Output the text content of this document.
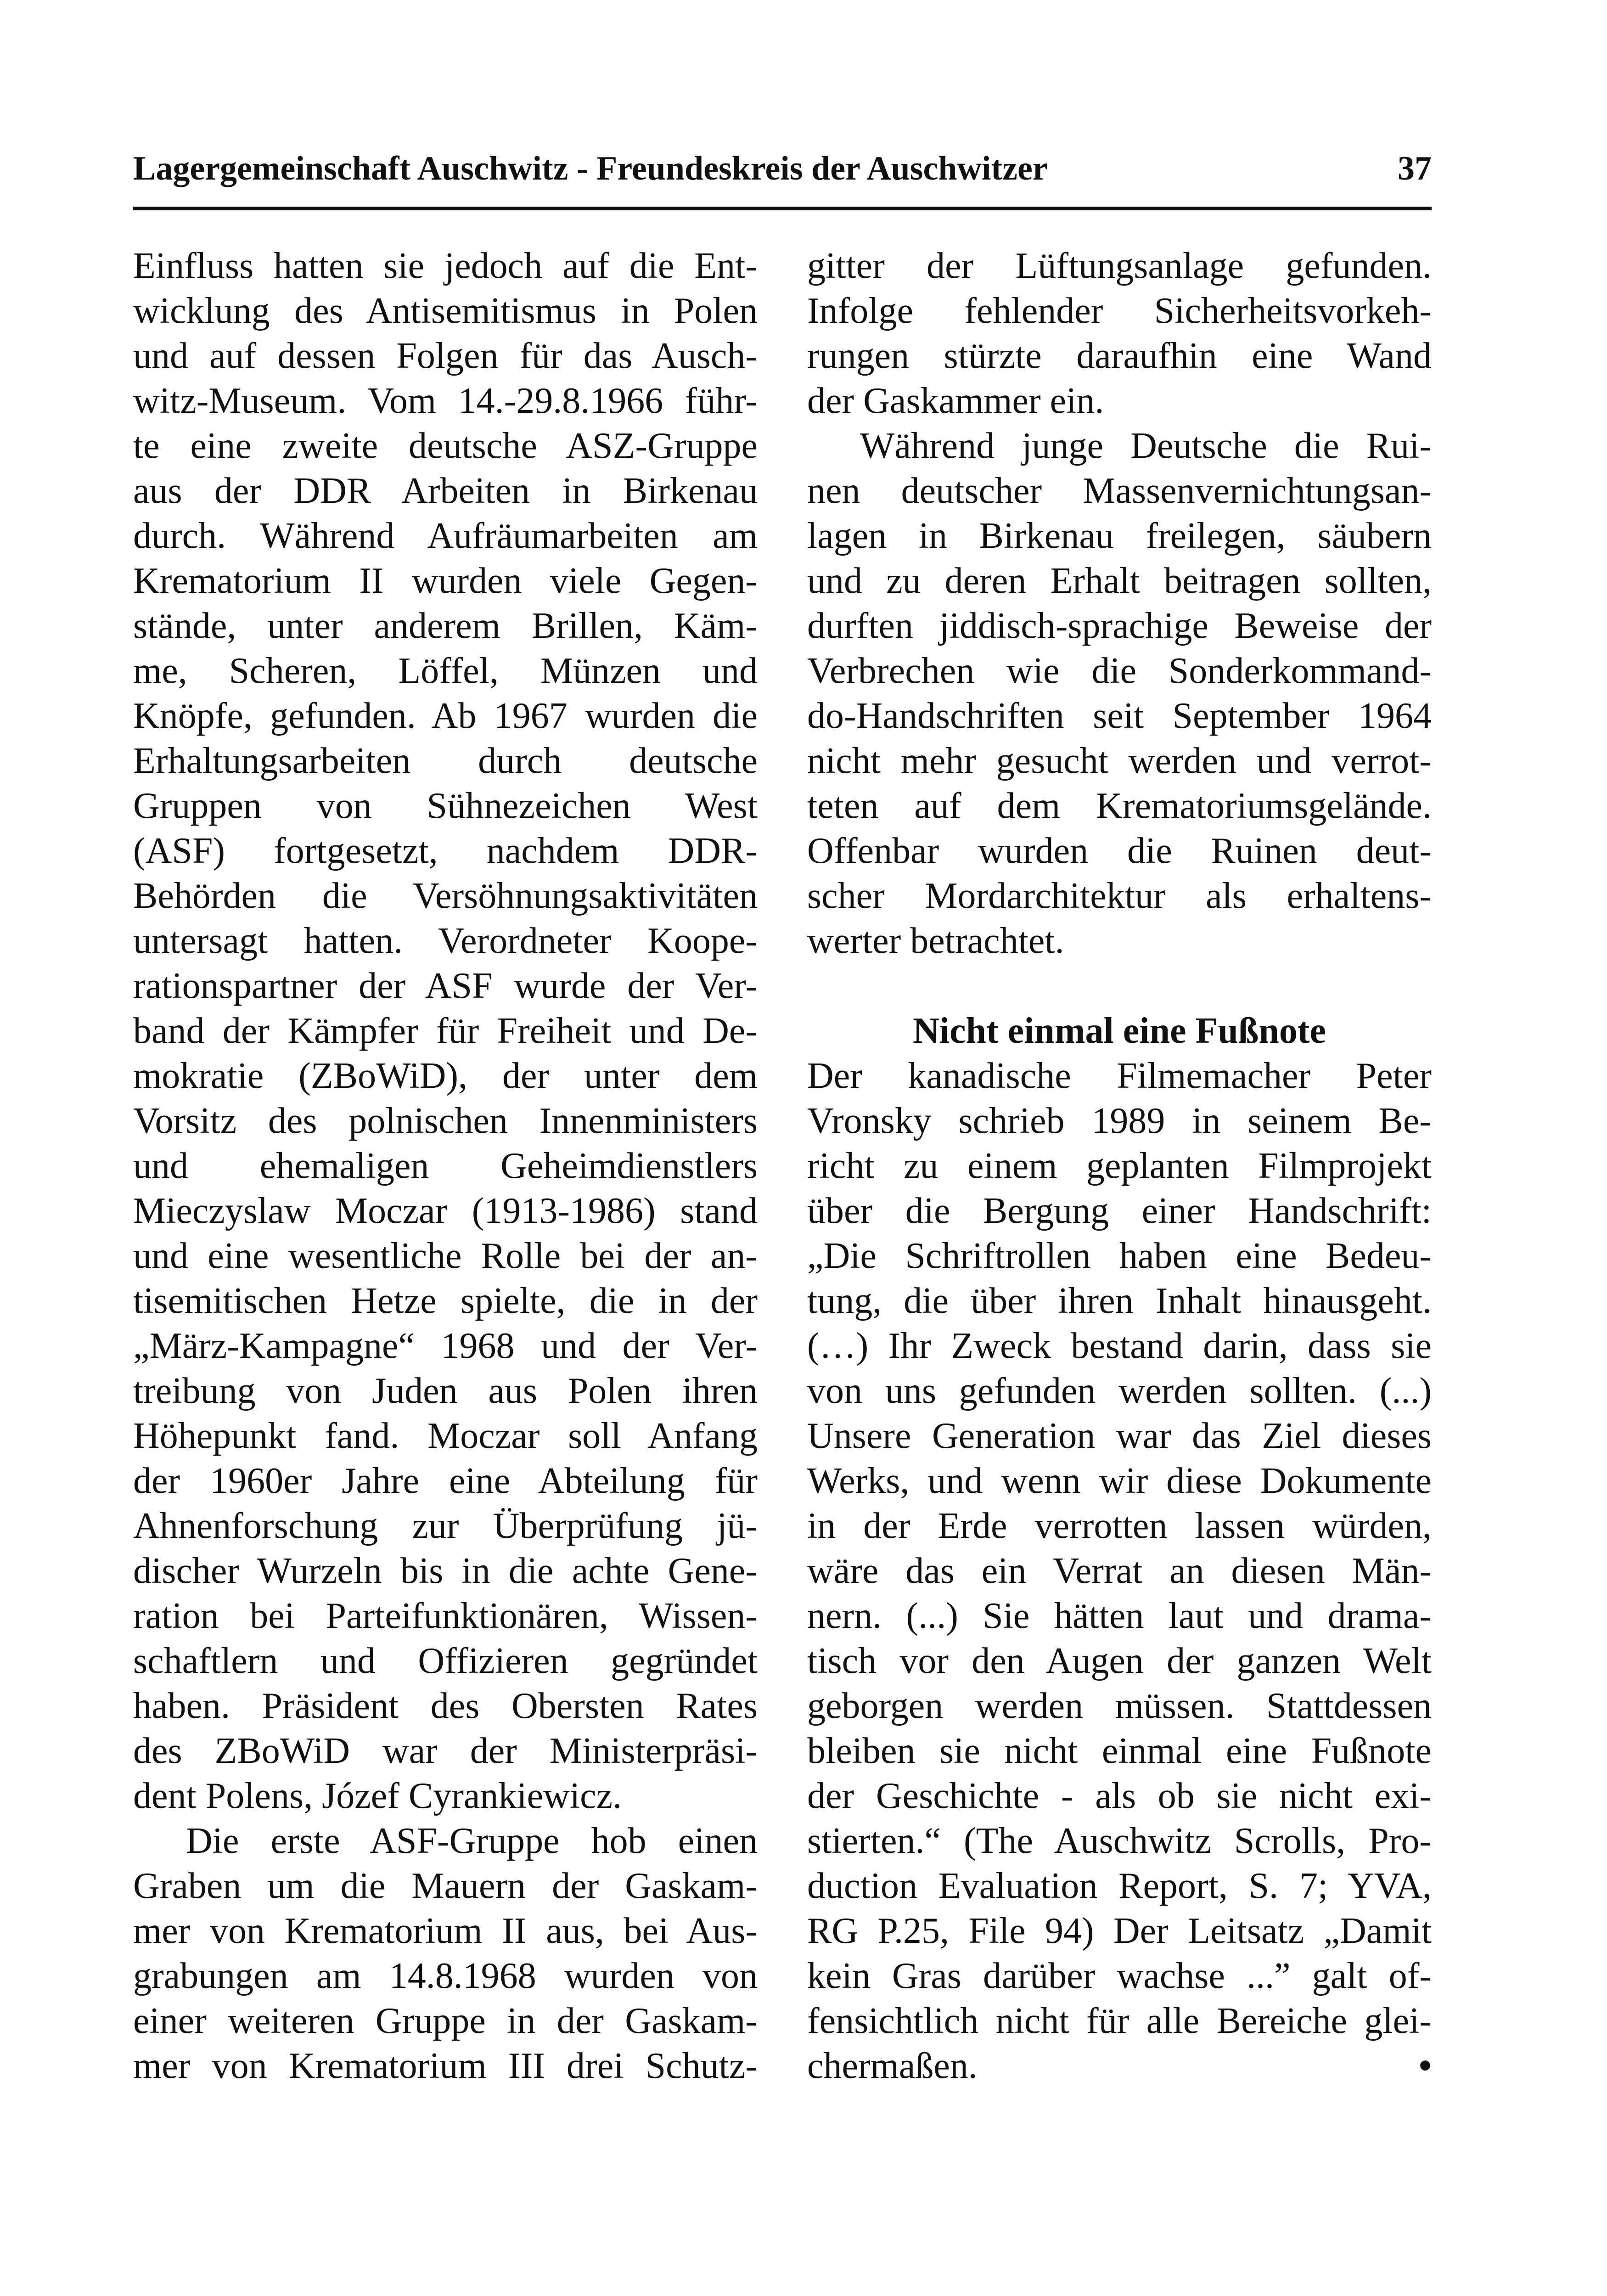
Lagergemeinschaft Auschwitz - Freundeskreis der Auschwitzer	37
Einfluss hatten sie jedoch auf die Ent-
wicklung des Antisemitismus in Polen
und auf dessen Folgen für das Ausch-
witz-Museum. Vom 14.-29.8.1966 führ-
te eine zweite deutsche ASZ-Gruppe
aus der DDR Arbeiten in Birkenau
durch. Während Aufräumarbeiten am
Krematorium II wurden viele Gegen-
stände, unter anderem Brillen, Käm-
me, Scheren, Löffel, Münzen und
Knöpfe, gefunden. Ab 1967 wurden die
Erhaltungsarbeiten durch deutsche
Gruppen von Sühnezeichen West
(ASF) fortgesetzt, nachdem DDR-
Behörden die Versöhnungsaktivitäten
untersagt hatten. Verordneter Koope-
rationspartner der ASF wurde der Ver-
band der Kämpfer für Freiheit und De-
mokratie (ZBoWiD), der unter dem
Vorsitz des polnischen Innenministers
und ehemaligen Geheimdienstlers
Mieczyslaw Moczar (1913-1986) stand
und eine wesentliche Rolle bei der an-
tisemitischen Hetze spielte, die in der
„März-Kampagne“ 1968 und der Ver-
treibung von Juden aus Polen ihren
Höhepunkt fand. Moczar soll Anfang
der 1960er Jahre eine Abteilung für
Ahnenforschung zur Überprüfung jü-
discher Wurzeln bis in die achte Gene-
ration bei Parteifunktionären, Wissen-
schaftlern und Offizieren gegründet
haben. Präsident des Obersten Rates
des ZBoWiD war der Ministerpräsi-
dent Polens, Józef Cyrankiewicz.
Die erste ASF-Gruppe hob einen
Graben um die Mauern der Gaskam-
mer von Krematorium II aus, bei Aus-
grabungen am 14.8.1968 wurden von
einer weiteren Gruppe in der Gaskam-
mer von Krematorium III drei Schutz-
gitter der Lüftungsanlage gefunden.
Infolge fehlender Sicherheitsvorkeh-
rungen stürzte daraufhin eine Wand
der Gaskammer ein.
Während junge Deutsche die Rui-
nen deutscher Massenvernichtungsan-
lagen in Birkenau freilegen, säubern
und zu deren Erhalt beitragen sollten,
durften jiddisch-sprachige Beweise der
Verbrechen wie die Sonderkommand-
do-Handschriften seit September 1964
nicht mehr gesucht werden und verrot-
teten auf dem Krematoriumsgelände.
Offenbar wurden die Ruinen deut-
scher Mordarchitektur als erhaltens-
werter betrachtet.
Nicht einmal eine Fußnote
Der kanadische Filmemacher Peter
Vronsky schrieb 1989 in seinem Be-
richt zu einem geplanten Filmprojekt
über die Bergung einer Handschrift:
„Die Schriftrollen haben eine Bedeu-
tung, die über ihren Inhalt hinausgeht.
(…) Ihr Zweck bestand darin, dass sie
von uns gefunden werden sollten. (...)
Unsere Generation war das Ziel dieses
Werks, und wenn wir diese Dokumente
in der Erde verrotten lassen würden,
wäre das ein Verrat an diesen Män-
nern. (...) Sie hätten laut und drama-
tisch vor den Augen der ganzen Welt
geborgen werden müssen. Stattdessen
bleiben sie nicht einmal eine Fußnote
der Geschichte - als ob sie nicht exi-
stierten.“ (The Auschwitz Scrolls, Pro-
duction Evaluation Report, S. 7; YVA,
RG P.25, File 94) Der Leitsatz „Damit
kein Gras darüber wachse ...” galt of-
fensichtlich nicht für alle Bereiche glei-
chermaßen.	•
